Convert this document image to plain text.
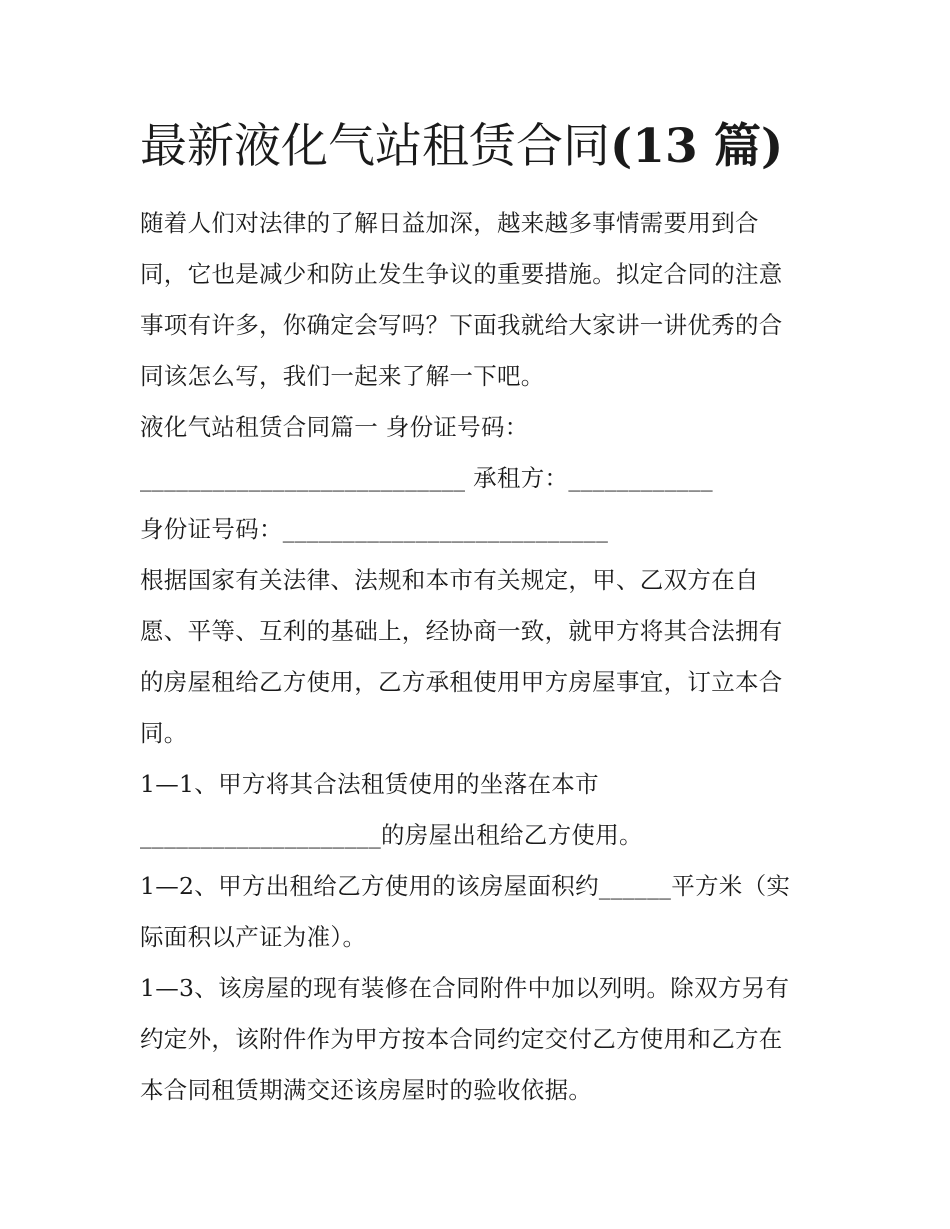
最新液化气站租赁合同(13 篇)

随着人们对法律的了解日益加深，越来越多事情需要用到合

同，它也是减少和防止发生争议的重要措施。拟定合同的注意

事项有许多，你确定会写吗？下面我就给大家讲一讲优秀的合

同该怎么写，我们一起来了解一下吧。

液化气站租赁合同篇一 身份证号码：

___________________________ 承租方：____________

身份证号码：___________________________

根据国家有关法律、法规和本市有关规定，甲、乙双方在自

愿、平等、互利的基础上，经协商一致，就甲方将其合法拥有

的房屋租给乙方使用，乙方承租使用甲方房屋事宜，订立本合

同。

1—1、甲方将其合法租赁使用的坐落在本市

____________________的房屋出租给乙方使用。

1—2、甲方出租给乙方使用的该房屋面积约______平方米（实

际面积以产证为准）。

1—3、该房屋的现有装修在合同附件中加以列明。除双方另有

约定外，该附件作为甲方按本合同约定交付乙方使用和乙方在

本合同租赁期满交还该房屋时的验收依据。
